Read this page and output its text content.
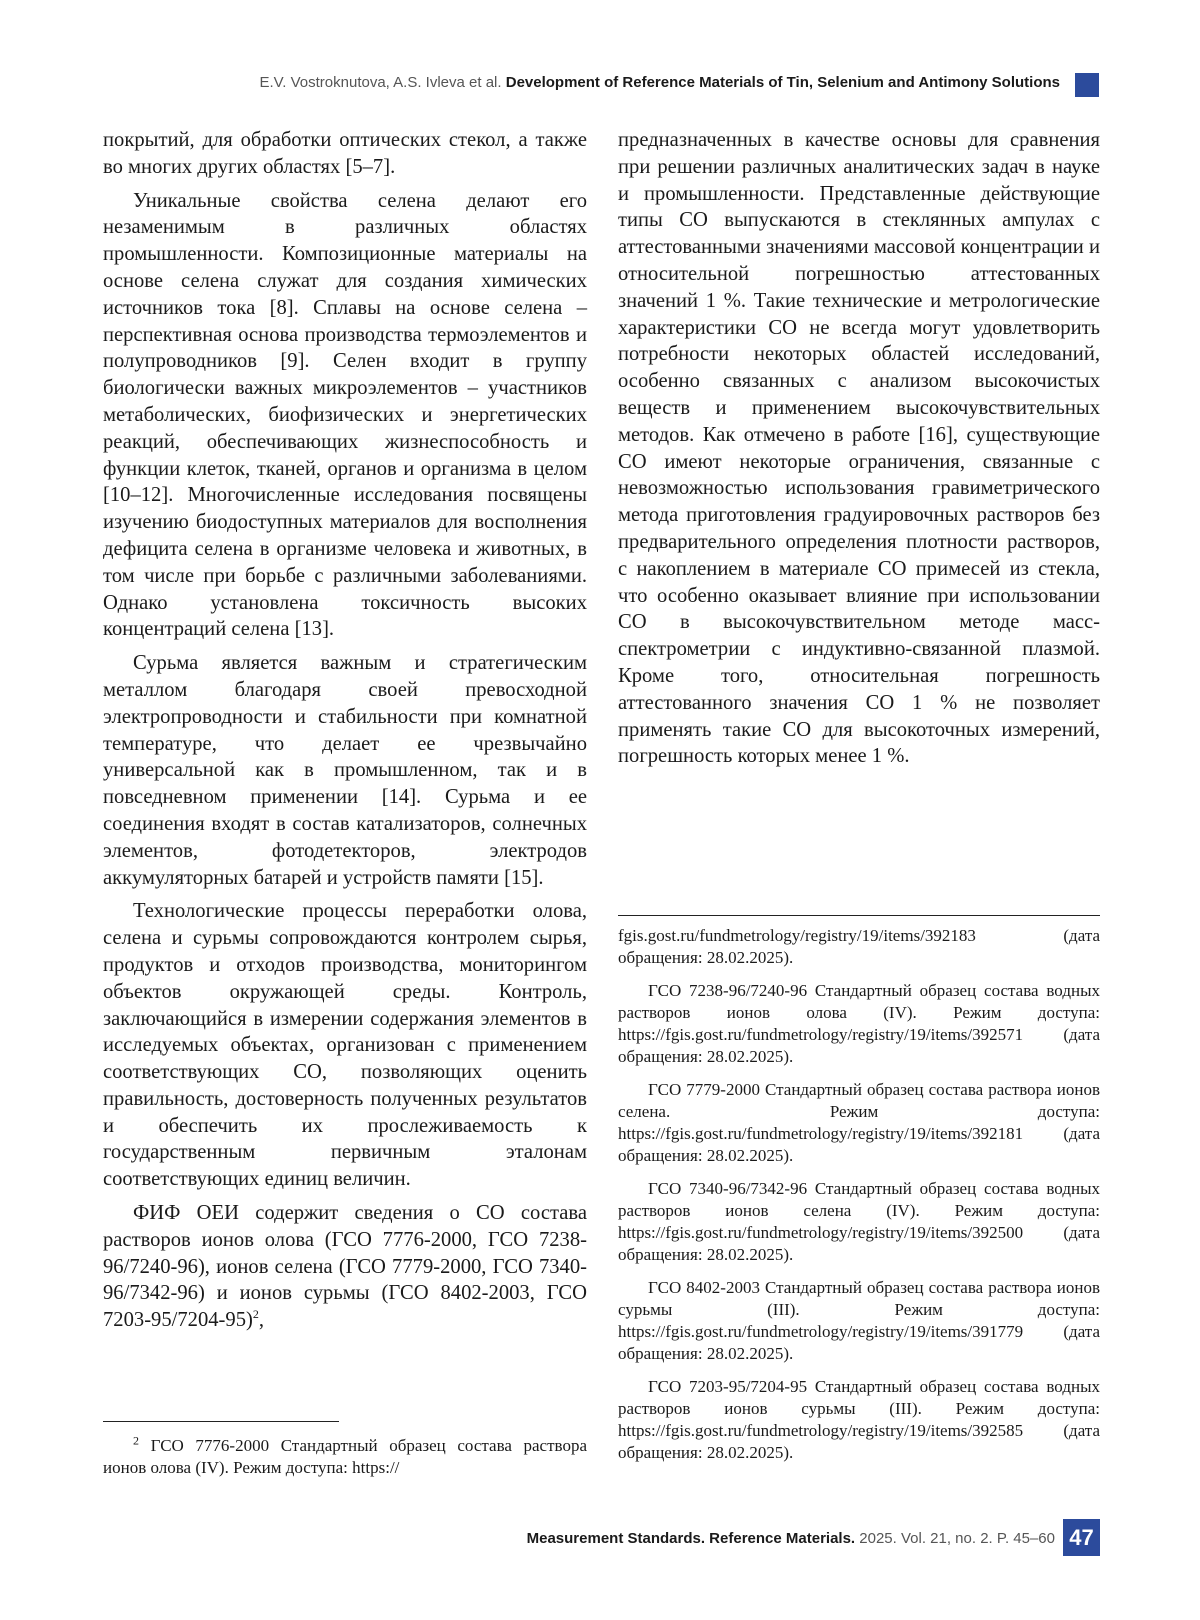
E.V. Vostroknutova, A.S. Ivleva et al. Development of Reference Materials of Tin, Selenium and Antimony Solutions

покрытий, для обработки оптических стекол, а также во многих других областях [5–7].

Уникальные свойства селена делают его незаменимым в различных областях промышленности. Композиционные материалы на основе селена служат для создания химических источников тока [8]. Сплавы на основе селена – перспективная основа производства термоэлементов и полупроводников [9]. Селен входит в группу биологически важных микроэлементов – участников метаболических, биофизических и энергетических реакций, обеспечивающих жизнеспособность и функции клеток, тканей, органов и организма в целом [10–12]. Многочисленные исследования посвящены изучению биодоступных материалов для восполнения дефицита селена в организме человека и животных, в том числе при борьбе с различными заболеваниями. Однако установлена токсичность высоких концентраций селена [13].

Сурьма является важным и стратегическим металлом благодаря своей превосходной электропроводности и стабильности при комнатной температуре, что делает ее чрезвычайно универсальной как в промышленном, так и в повседневном применении [14]. Сурьма и ее соединения входят в состав катализаторов, солнечных элементов, фотодетекторов, электродов аккумуляторных батарей и устройств памяти [15].

Технологические процессы переработки олова, селена и сурьмы сопровождаются контролем сырья, продуктов и отходов производства, мониторингом объектов окружающей среды. Контроль, заключающийся в измерении содержания элементов в исследуемых объектах, организован с применением соответствующих СО, позволяющих оценить правильность, достоверность полученных результатов и обеспечить их прослеживаемость к государственным первичным эталонам соответствующих единиц величин.

ФИФ ОЕИ содержит сведения о СО состава растворов ионов олова (ГСО 7776-2000, ГСО 7238-96/7240-96), ионов селена (ГСО 7779-2000, ГСО 7340-96/7342-96) и ионов сурьмы (ГСО 8402-2003, ГСО 7203-95/7204-95)$^2$,

предназначенных в качестве основы для сравнения при решении различных аналитических задач в науке и промышленности. Представленные действующие типы СО выпускаются в стеклянных ампулах с аттестованными значениями массовой концентрации и относительной погрешностью аттестованных значений 1 %. Такие технические и метрологические характеристики СО не всегда могут удовлетворить потребности некоторых областей исследований, особенно связанных с анализом высокочистых веществ и применением высокочувствительных методов. Как отмечено в работе [16], существующие СО имеют некоторые ограничения, связанные с невозможностью использования гравиметрического метода приготовления градуировочных растворов без предварительного определения плотности растворов, с накоплением в материале СО примесей из стекла, что особенно оказывает влияние при использовании СО в высокочувствительном методе масс-спектрометрии с индуктивно-связанной плазмой. Кроме того, относительная погрешность аттестованного значения СО 1 % не позволяет применять такие СО для высокоточных измерений, погрешность которых менее 1 %.

$^2$ ГСО 7776-2000 Стандартный образец состава раствора ионов олова (IV). Режим доступа: https://

fgis.gost.ru/fundmetrology/registry/19/items/392183 (дата обращения: 28.02.2025).

ГСО 7238-96/7240-96 Стандартный образец состава водных растворов ионов олова (IV). Режим доступа: https://fgis.gost.ru/fundmetrology/registry/19/items/392571 (дата обращения: 28.02.2025).

ГСО 7779-2000 Стандартный образец состава раствора ионов селена. Режим доступа: https://fgis.gost.ru/fundmetrology/registry/19/items/392181 (дата обращения: 28.02.2025).

ГСО 7340-96/7342-96 Стандартный образец состава водных растворов ионов селена (IV). Режим доступа: https://fgis.gost.ru/fundmetrology/registry/19/items/392500 (дата обращения: 28.02.2025).

ГСО 8402-2003 Стандартный образец состава раствора ионов сурьмы (III). Режим доступа: https://fgis.gost.ru/fundmetrology/registry/19/items/391779 (дата обращения: 28.02.2025).

ГСО 7203-95/7204-95 Стандартный образец состава водных растворов ионов сурьмы (III). Режим доступа: https://fgis.gost.ru/fundmetrology/registry/19/items/392585 (дата обращения: 28.02.2025).

Measurement Standards. Reference Materials. 2025. Vol. 21, no. 2. P. 45–60 47
